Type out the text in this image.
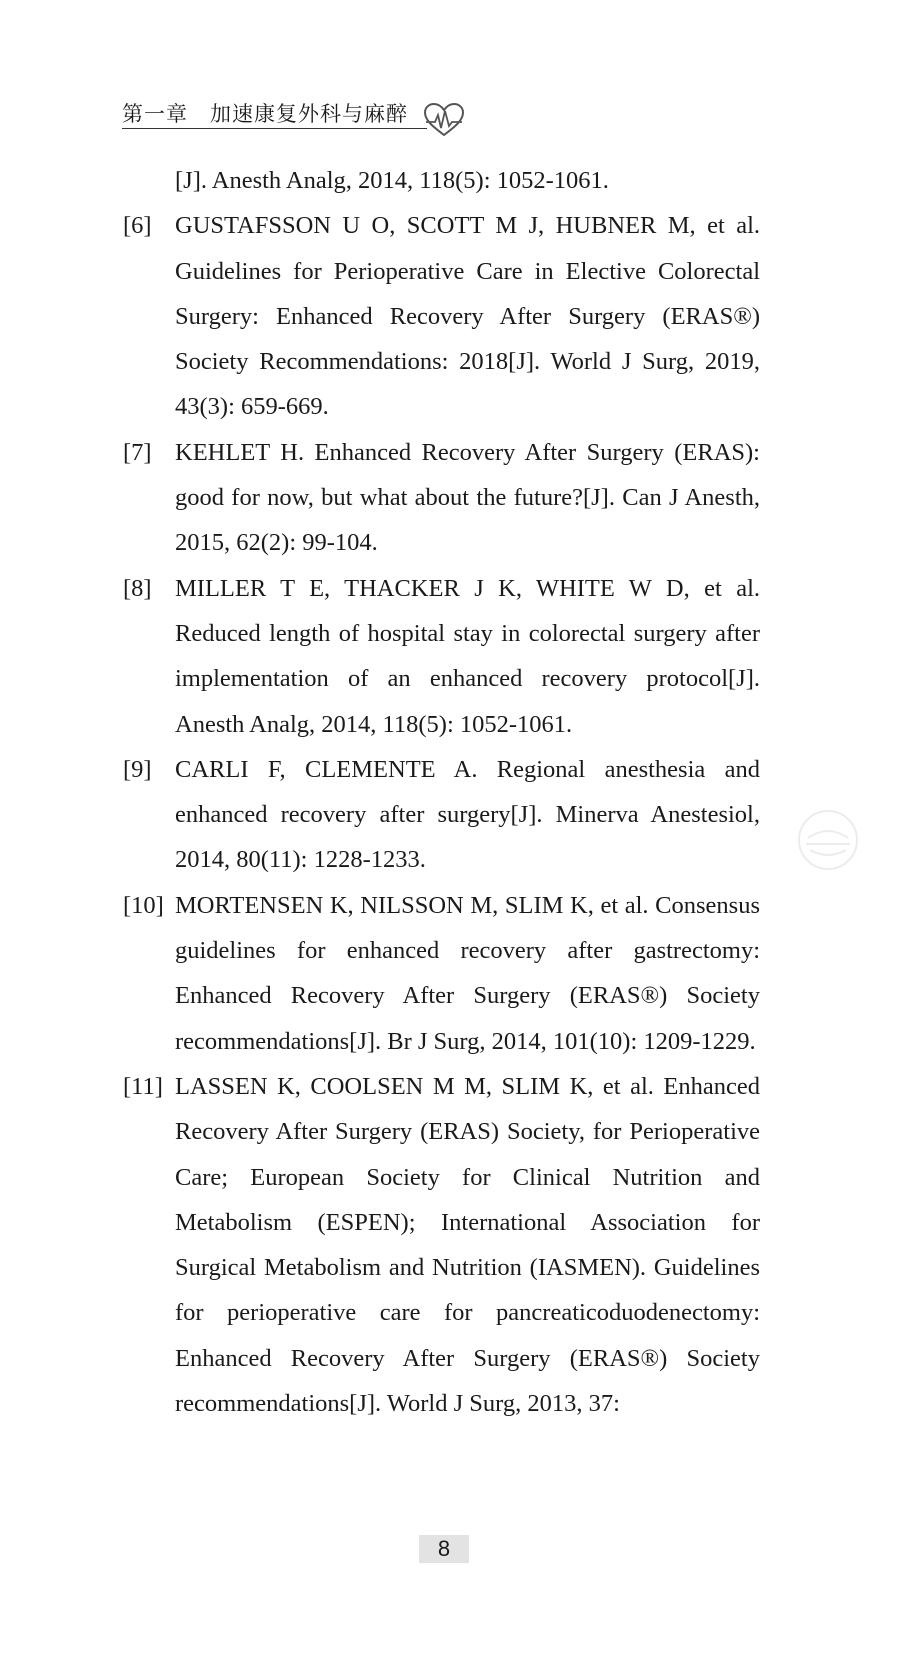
第一章　加速康复外科与麻醉
[J]. Anesth Analg, 2014, 118(5): 1052-1061.
[6] GUSTAFSSON U O, SCOTT M J, HUBNER M, et al. Guidelines for Perioperative Care in Elective Colorectal Surgery: Enhanced Recovery After Surgery (ERAS®) Society Recommendations: 2018[J]. World J Surg, 2019, 43(3): 659-669.
[7] KEHLET H. Enhanced Recovery After Surgery (ERAS): good for now, but what about the future?[J]. Can J Anesth, 2015, 62(2): 99-104.
[8] MILLER T E, THACKER J K, WHITE W D, et al. Reduced length of hospital stay in colorectal surgery after implementation of an enhanced recovery protocol[J]. Anesth Analg, 2014, 118(5): 1052-1061.
[9] CARLI F, CLEMENTE A. Regional anesthesia and enhanced recovery after surgery[J]. Minerva Anestesiol, 2014, 80(11): 1228-1233.
[10] MORTENSEN K, NILSSON M, SLIM K, et al. Consensus guidelines for enhanced recovery after gastrectomy: Enhanced Recovery After Surgery (ERAS®) Society recommendations[J]. Br J Surg, 2014, 101(10): 1209-1229.
[11] LASSEN K, COOLSEN M M, SLIM K, et al. Enhanced Recovery After Surgery (ERAS) Society, for Perioperative Care; European Society for Clinical Nutrition and Metabolism (ESPEN); International Association for Surgical Metabolism and Nutrition (IASMEN). Guidelines for perioperative care for pancreaticoduodenectomy: Enhanced Recovery After Surgery (ERAS®) Society recommendations[J]. World J Surg, 2013, 37:
8
